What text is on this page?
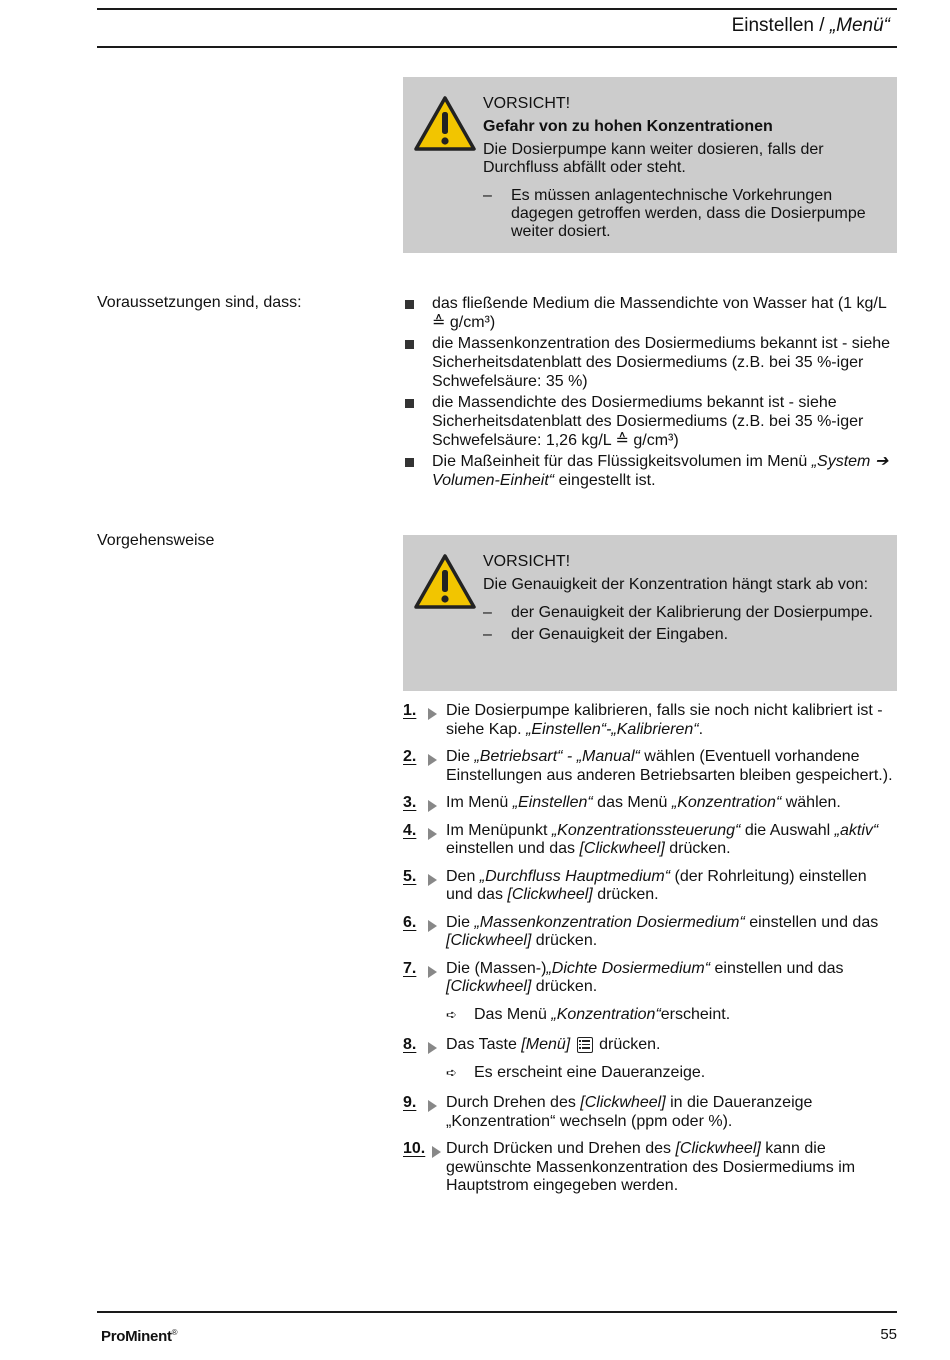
Einstellen / „Menü“
VORSICHT!
Gefahr von zu hohen Konzentrationen

Die Dosierpumpe kann weiter dosieren, falls der Durchfluss abfällt oder steht.

– Es müssen anlagentechnische Vorkehrungen dagegen getroffen werden, dass die Dosierpumpe weiter dosiert.
Voraussetzungen sind, dass:	das fließende Medium die Massendichte von Wasser hat (1 kg/L ≙ g/cm³)
die Massenkonzentration des Dosiermediums bekannt ist - siehe Sicherheitsdatenblatt des Dosiermediums (z.B. bei 35 %-iger Schwefelsäure: 35 %)
die Massendichte des Dosiermediums bekannt ist - siehe Sicherheitsdatenblatt des Dosiermediums (z.B. bei 35 %-iger Schwefelsäure: 1,26 kg/L ≙ g/cm³)
Die Maßeinheit für das Flüssigkeitsvolumen im Menü „System ➔ Volumen-Einheit“ eingestellt ist.
Vorgehensweise
VORSICHT!

Die Genauigkeit der Konzentration hängt stark ab von:

– der Genauigkeit der Kalibrierung der Dosierpumpe.
– der Genauigkeit der Eingaben.
1.	Die Dosierpumpe kalibrieren, falls sie noch nicht kalibriert ist - siehe Kap. „Einstellen“-„Kalibrieren“.
2.	Die „Betriebsart“ - „Manual“ wählen (Eventuell vorhandene Einstellungen aus anderen Betriebsarten bleiben gespeichert.).
3.	Im Menü „Einstellen“ das Menü „Konzentration“ wählen.
4.	Im Menüpunkt „Konzentrationssteuerung“ die Auswahl „aktiv“ einstellen und das [Clickwheel] drücken.
5.	Den „Durchfluss Hauptmedium“ (der Rohrleitung) einstellen und das [Clickwheel] drücken.
6.	Die „Massenkonzentration Dosiermedium“ einstellen und das [Clickwheel] drücken.
7.	Die (Massen-)„Dichte Dosiermedium“ einstellen und das [Clickwheel] drücken.
➪ Das Menü „Konzentration“erscheint.
8.	Das Taste [Menü]
drücken.
➪ Es erscheint eine Daueranzeige.
9.	Durch Drehen des [Clickwheel] in die Daueranzeige „Konzentration“ wechseln (ppm oder %).
10.	Durch Drücken und Drehen des [Clickwheel] kann die gewünschte Massenkonzentration des Dosiermediums im Hauptstrom eingegeben werden.
ProMinent®	55
